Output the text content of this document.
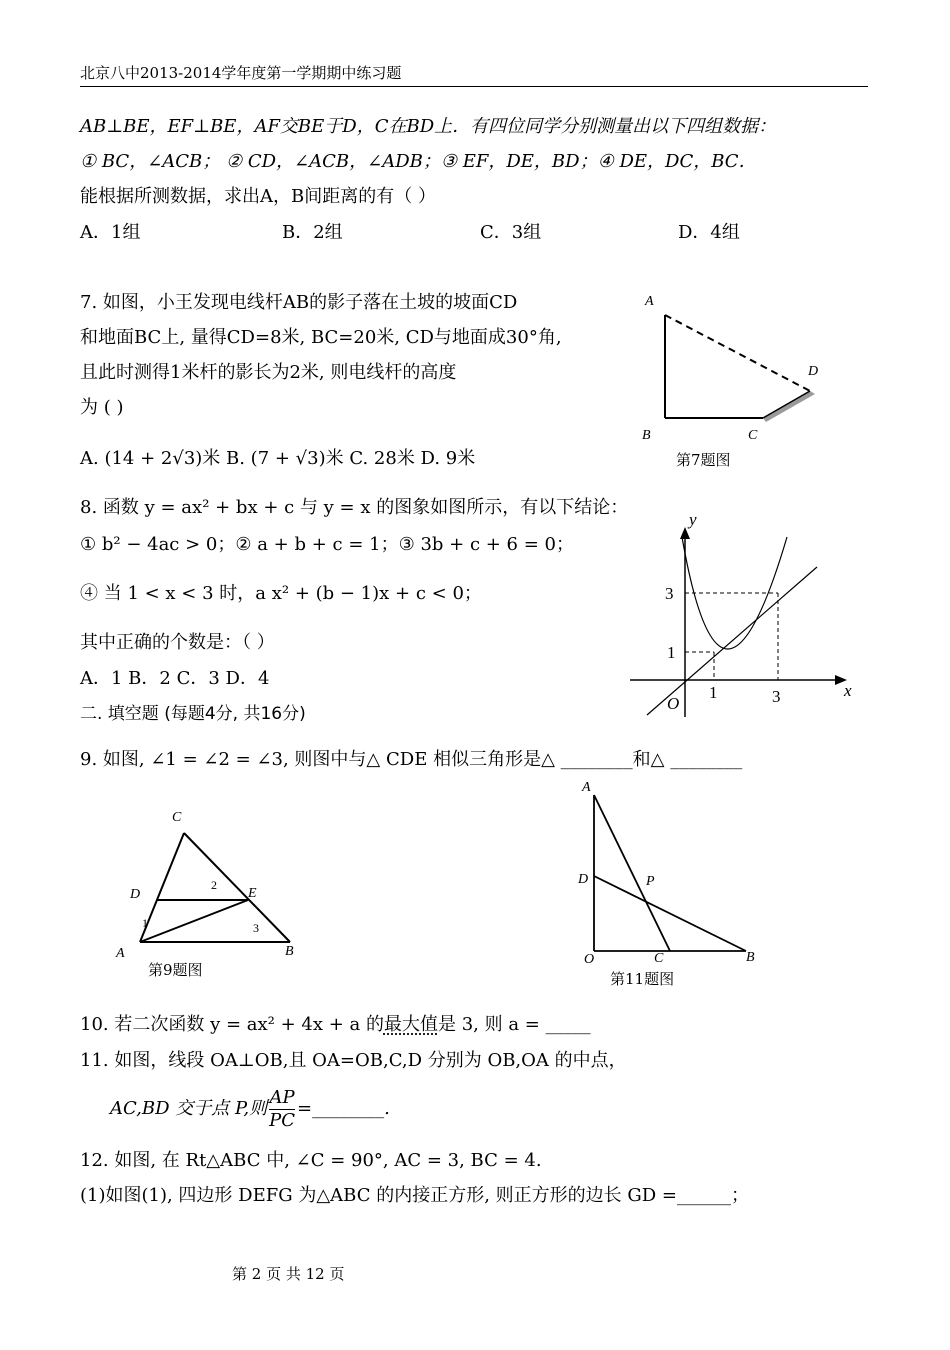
北京八中2013-2014学年度第一学期期中练习题
AB⊥BE，EF⊥BE，AF交BE于D，C在BD上．有四位同学分别测量出以下四组数据：
① BC，∠ACB； ② CD，∠ACB，∠ADB；③ EF，DE，BD；④ DE，DC，BC．
能根据所测数据，求出A，B间距离的有（ ）
A．1组	B．2组	C．3组	D．4组
7. 如图，小王发现电线杆AB的影子落在土坡的坡面CD
和地面BC上, 量得CD=8米, BC=20米, CD与地面成30°角,
且此时测得1米杆的影长为2米, 则电线杆的高度
为 ( )
A. (14 + 2√3)米 B. (7 + √3)米 C. 28米 D. 9米
A
B	C
D
第7题图
8. 函数 y = ax² + bx + c 与 y = x 的图象如图所示，有以下结论：
① b² − 4ac > 0；② a + b + c = 1；③ 3b + c + 6 = 0；
④ 当 1 < x < 3 时，a x² + (b − 1)x + c < 0；
其中正确的个数是：（ ）
A．1 B．2 C．3 D．4
y
x
O
3
1
1	3
二. 填空题 (每题4分, 共16分)
9. 如图, ∠1 = ∠2 = ∠3, 则图中与△ CDE 相似三角形是△ ________和△ ________
C
D	E
A	B
1
2
3
第9题图
A
D	P
O	C	B
第11题图
10. 若二次函数 y = ax² + 4x + a 的最大值是 3, 则 a = _____
11. 如图，线段 OA⊥OB,且 OA=OB,C,D 分别为 OB,OA 的中点，
AC,BD 交于点 P,则 $\frac{AP}{PC}$ =________.
12. 如图, 在 Rt△ABC 中, ∠C = 90°, AC = 3, BC = 4.
(1)如图(1), 四边形 DEFG 为△ABC 的内接正方形, 则正方形的边长 GD =______；
第 2 页 共 12 页
